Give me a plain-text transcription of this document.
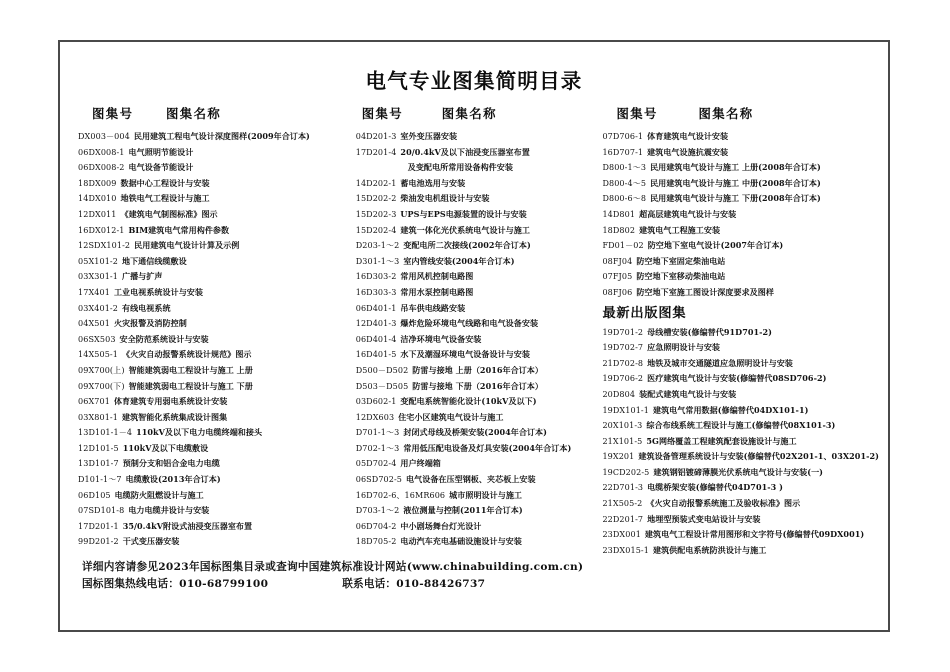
电气专业图集简明目录
图集号	图集名称
DX003－004 民用建筑工程电气设计深度图样(2009年合订本)
06DX008-1 电气照明节能设计
06DX008-2 电气设备节能设计
18DX009 数据中心工程设计与安装
14DX010 地铁电气工程设计与施工
12DX011 《建筑电气制图标准》图示
16DX012-1 BIM建筑电气常用构件参数
12SDX101-2 民用建筑电气设计计算及示例
05X101-2 地下通信线缆敷设
03X301-1 广播与扩声
17X401 工业电视系统设计与安装
03X401-2 有线电视系统
04X501 火灾报警及消防控制
06SX503 安全防范系统设计与安装
14X505-1 《火灾自动报警系统设计规范》图示
09X700(上) 智能建筑弱电工程设计与施工 上册
09X700(下) 智能建筑弱电工程设计与施工 下册
06X701 体育建筑专用弱电系统设计安装
03X801-1 建筑智能化系统集成设计图集
13D101-1－4 110kV及以下电力电缆终端和接头
12D101-5 110kV及以下电缆敷设
13D101-7 预制分支和铝合金电力电缆
D101-1～7 电缆敷设(2013年合订本)
06D105 电缆防火阻燃设计与施工
07SD101-8 电力电缆井设计与安装
17D201-1 35/0.4kV附设式油浸变压器室布置
99D201-2 干式变压器安装
图集号	图集名称
04D201-3 室外变压器安装
17D201-4 20/0.4kV及以下油浸变压器室布置
及变配电所常用设备构件安装
14D202-1 蓄电池选用与安装
15D202-2 柴油发电机组设计与安装
15D202-3 UPS与EPS电源装置的设计与安装
15D202-4 建筑一体化光伏系统电气设计与施工
D203-1～2 变配电所二次接线(2002年合订本)
D301-1～3 室内管线安装(2004年合订本)
16D303-2 常用风机控制电路图
16D303-3 常用水泵控制电路图
06D401-1 吊车供电线路安装
12D401-3 爆炸危险环境电气线路和电气设备安装
06D401-4 洁净环境电气设备安装
16D401-5 水下及潮湿环境电气设备设计与安装
D500－D502 防雷与接地 上册（2016年合订本）
D503－D505 防雷与接地 下册（2016年合订本）
03D602-1 变配电系统智能化设计(10kV及以下)
12DX603 住宅小区建筑电气设计与施工
D701-1～3 封闭式母线及桥架安装(2004年合订本)
D702-1～3 常用低压配电设备及灯具安装(2004年合订本)
05D702-4 用户终端箱
06SD702-5 电气设备在压型钢板、夹芯板上安装
16D702-6、16MR606 城市照明设计与施工
D703-1～2 液位测量与控制(2011年合订本)
06D704-2 中小剧场舞台灯光设计
18D705-2 电动汽车充电基础设施设计与安装
图集号	图集名称
07D706-1 体育建筑电气设计安装
16D707-1 建筑电气设施抗震安装
D800-1～3 民用建筑电气设计与施工 上册(2008年合订本)
D800-4～5 民用建筑电气设计与施工 中册(2008年合订本)
D800-6～8 民用建筑电气设计与施工 下册(2008年合订本)
14D801 超高层建筑电气设计与安装
18D802 建筑电气工程施工安装
FD01－02 防空地下室电气设计(2007年合订本)
08FJ04 防空地下室固定柴油电站
07FJ05 防空地下室移动柴油电站
08FJ06 防空地下室施工图设计深度要求及图样
最新出版图集
19D701-2 母线槽安装(修编替代91D701-2)
19D702-7 应急照明设计与安装
21D702-8 地铁及城市交通隧道应急照明设计与安装
19D706-2 医疗建筑电气设计与安装(修编替代08SD706-2)
20D804 装配式建筑电气设计与安装
19DX101-1 建筑电气常用数据(修编替代04DX101-1)
20X101-3 综合布线系统工程设计与施工(修编替代08X101-3)
21X101-5 5G网络覆盖工程建筑配套设施设计与施工
19X201 建筑设备管理系统设计与安装(修编替代02X201-1、03X201-2)
19CD202-5 建筑钢铝镀碲薄膜光伏系统电气设计与安装(一)
22D701-3 电缆桥架安装(修编替代04D701-3 )
21X505-2 《火灾自动报警系统施工及验收标准》图示
22D201-7 地埋型预装式变电站设计与安装
23DX001 建筑电气工程设计常用图形和文字符号(修编替代09DX001)
23DX015-1 建筑供配电系统防洪设计与施工
详细内容请参见2023年国标图集目录或查询中国建筑标准设计网站(www.chinabuilding.com.cn)
国标图集热线电话：010-68799100	联系电话：010-88426737
